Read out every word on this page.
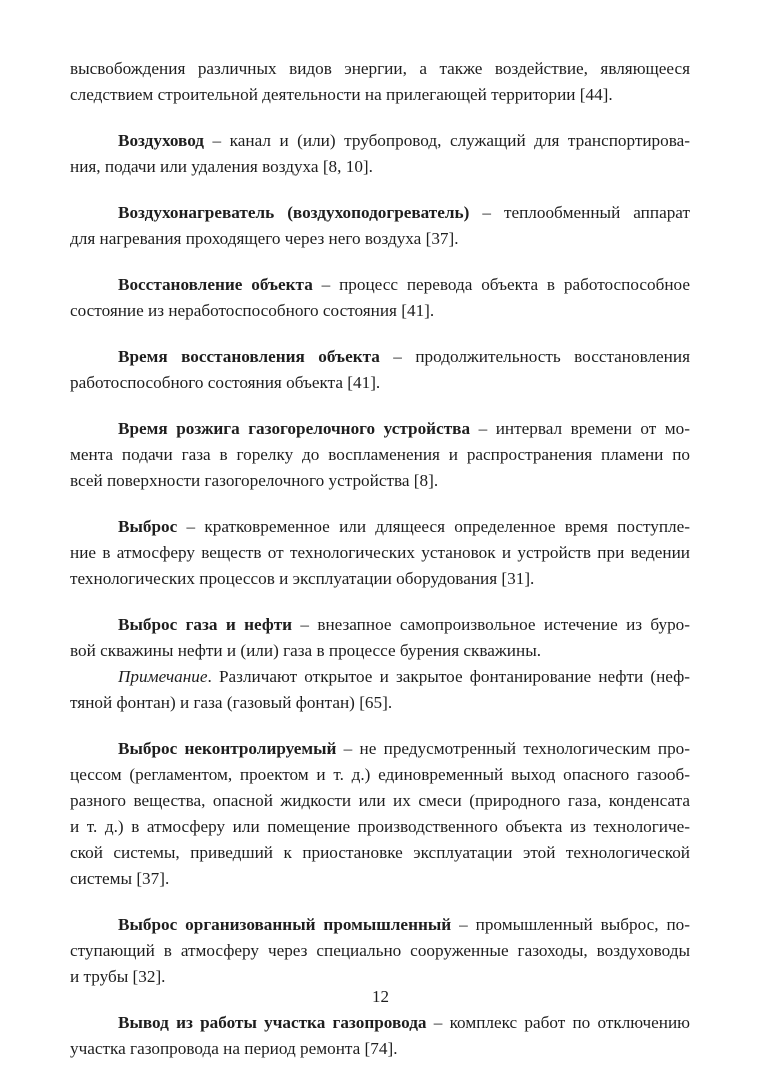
высвобождения различных видов энергии, а также воздействие, являющееся
следствием строительной деятельности на прилегающей территории [44].
Воздуховод – канал и (или) трубопровод, служащий для транспортирова-
ния, подачи или удаления воздуха [8, 10].
Воздухонагреватель (воздухоподогреватель) – теплообменный аппарат
для нагревания проходящего через него воздуха [37].
Восстановление объекта – процесс перевода объекта в работоспособное
состояние из неработоспособного состояния [41].
Время восстановления объекта – продолжительность восстановления
работоспособного состояния объекта [41].
Время розжига газогорелочного устройства – интервал времени от мо-
мента подачи газа в горелку до воспламенения и распространения пламени по
всей поверхности газогорелочного устройства [8].
Выброс – кратковременное или длящееся определенное время поступле-
ние в атмосферу веществ от технологических установок и устройств при ведении
технологических процессов и эксплуатации оборудования [31].
Выброс газа и нефти – внезапное самопроизвольное истечение из буро-
вой скважины нефти и (или) газа в процессе бурения скважины.
Примечание. Различают открытое и закрытое фонтанирование нефти (неф-
тяной фонтан) и газа (газовый фонтан) [65].
Выброс неконтролируемый – не предусмотренный технологическим про-
цессом (регламентом, проектом и т. д.) единовременный выход опасного газооб-
разного вещества, опасной жидкости или их смеси (природного газа, конденсата
и т. д.) в атмосферу или помещение производственного объекта из технологиче-
ской системы, приведший к приостановке эксплуатации этой технологической
системы [37].
Выброс организованный промышленный – промышленный выброс, по-
ступающий в атмосферу через специально сооруженные газоходы, воздуховоды
и трубы [32].
Вывод из работы участка газопровода – комплекс работ по отключению
участка газопровода на период ремонта [74].
12
